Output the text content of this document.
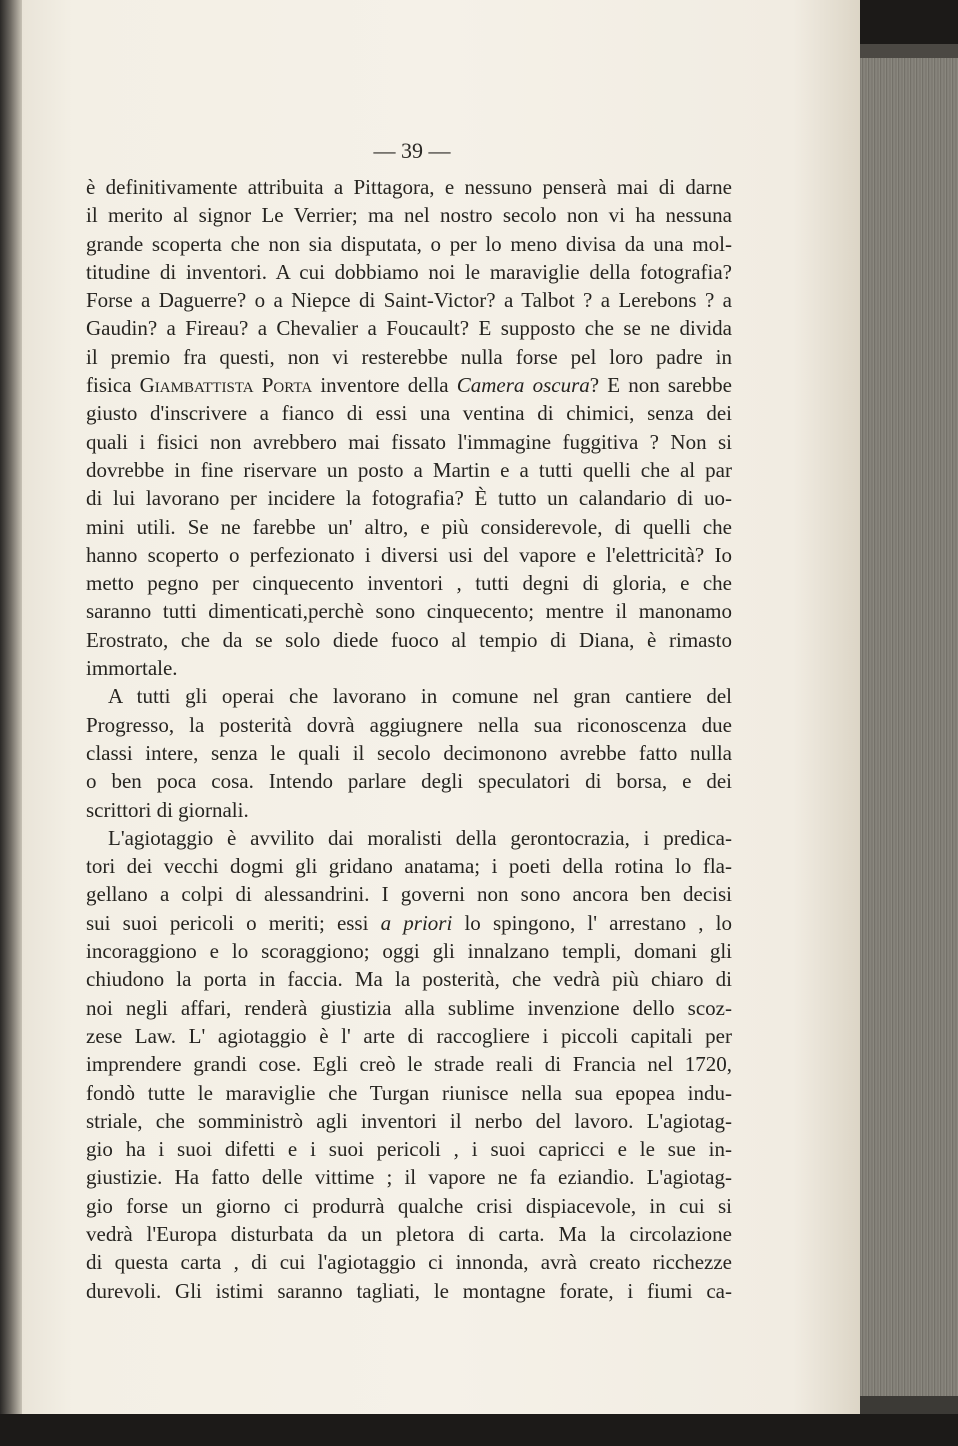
— 39 —
è definitivamente attribuita a Pittagora, e nessuno penserà mai di darne
il merito al signor Le Verrier; ma nel nostro secolo non vi ha nessuna
grande scoperta che non sia disputata, o per lo meno divisa da una mol-
titudine di inventori. A cui dobbiamo noi le maraviglie della fotografia?
Forse a Daguerre? o a Niepce di Saint-Victor? a Talbot ? a Lerebons ? a
Gaudin? a Fireau? a Chevalier a Foucault? E supposto che se ne divida
il premio fra questi, non vi resterebbe nulla forse pel loro padre in
fisica Giambattista Porta inventore della Camera oscura? E non sarebbe
giusto d'inscrivere a fianco di essi una ventina di chimici, senza dei
quali i fisici non avrebbero mai fissato l'immagine fuggitiva ? Non si
dovrebbe in fine riservare un posto a Martin e a tutti quelli che al par
di lui lavorano per incidere la fotografia? È tutto un calandario di uo-
mini utili. Se ne farebbe un' altro, e più considerevole, di quelli che
hanno scoperto o perfezionato i diversi usi del vapore e l'elettricità? Io
metto pegno per cinquecento inventori , tutti degni di gloria, e che
saranno tutti dimenticati,perchè sono cinquecento; mentre il manonamo
Erostrato, che da se solo diede fuoco al tempio di Diana, è rimasto
immortale.
A tutti gli operai che lavorano in comune nel gran cantiere del
Progresso, la posterità dovrà aggiugnere nella sua riconoscenza due
classi intere, senza le quali il secolo decimonono avrebbe fatto nulla
o ben poca cosa. Intendo parlare degli speculatori di borsa, e dei
scrittori di giornali.
L'agiotaggio è avvilito dai moralisti della gerontocrazia, i predica-
tori dei vecchi dogmi gli gridano anatama; i poeti della rotina lo fla-
gellano a colpi di alessandrini. I governi non sono ancora ben decisi
sui suoi pericoli o meriti; essi a priori lo spingono, l' arrestano , lo
incoraggiono e lo scoraggiono; oggi gli innalzano templi, domani gli
chiudono la porta in faccia. Ma la posterità, che vedrà più chiaro di
noi negli affari, renderà giustizia alla sublime invenzione dello scoz-
zese Law. L' agiotaggio è l' arte di raccogliere i piccoli capitali per
imprendere grandi cose. Egli creò le strade reali di Francia nel 1720,
fondò tutte le maraviglie che Turgan riunisce nella sua epopea indu-
striale, che somministrò agli inventori il nerbo del lavoro. L'agiotag-
gio ha i suoi difetti e i suoi pericoli , i suoi capricci e le sue in-
giustizie. Ha fatto delle vittime ; il vapore ne fa eziandio. L'agiotag-
gio forse un giorno ci produrrà qualche crisi dispiacevole, in cui si
vedrà l'Europa disturbata da un pletora di carta. Ma la circolazione
di questa carta , di cui l'agiotaggio ci innonda, avrà creato ricchezze
durevoli. Gli istimi saranno tagliati, le montagne forate, i fiumi ca-
